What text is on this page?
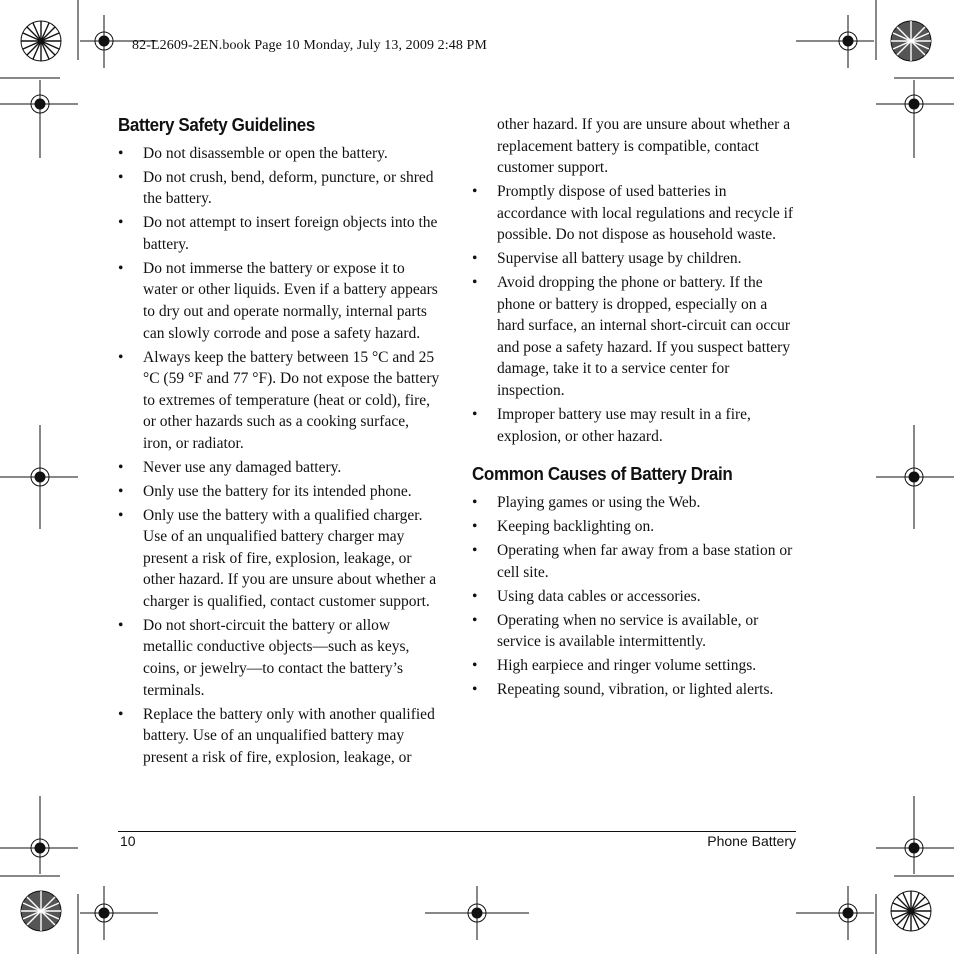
82-L2609-2EN.book Page 10 Monday, July 13, 2009 2:48 PM
Battery Safety Guidelines
• Do not disassemble or open the battery.
• Do not crush, bend, deform, puncture, or shred the battery.
• Do not attempt to insert foreign objects into the battery.
• Do not immerse the battery or expose it to water or other liquids. Even if a battery appears to dry out and operate normally, internal parts can slowly corrode and pose a safety hazard.
• Always keep the battery between 15 °C and 25 °C (59 °F and 77 °F). Do not expose the battery to extremes of temperature (heat or cold), fire, or other hazards such as a cooking surface, iron, or radiator.
• Never use any damaged battery.
• Only use the battery for its intended phone.
• Only use the battery with a qualified charger. Use of an unqualified battery charger may present a risk of fire, explosion, leakage, or other hazard. If you are unsure about whether a charger is qualified, contact customer support.
• Do not short-circuit the battery or allow metallic conductive objects—such as keys, coins, or jewelry—to contact the battery’s terminals.
• Replace the battery only with another qualified battery. Use of an unqualified battery may present a risk of fire, explosion, leakage, or
other hazard. If you are unsure about whether a replacement battery is compatible, contact customer support.
• Promptly dispose of used batteries in accordance with local regulations and recycle if possible. Do not dispose as household waste.
• Supervise all battery usage by children.
• Avoid dropping the phone or battery. If the phone or battery is dropped, especially on a hard surface, an internal short-circuit can occur and pose a safety hazard. If you suspect battery damage, take it to a service center for inspection.
• Improper battery use may result in a fire, explosion, or other hazard.
Common Causes of Battery Drain
• Playing games or using the Web.
• Keeping backlighting on.
• Operating when far away from a base station or cell site.
• Using data cables or accessories.
• Operating when no service is available, or service is available intermittently.
• High earpiece and ringer volume settings.
• Repeating sound, vibration, or lighted alerts.
10	Phone Battery
